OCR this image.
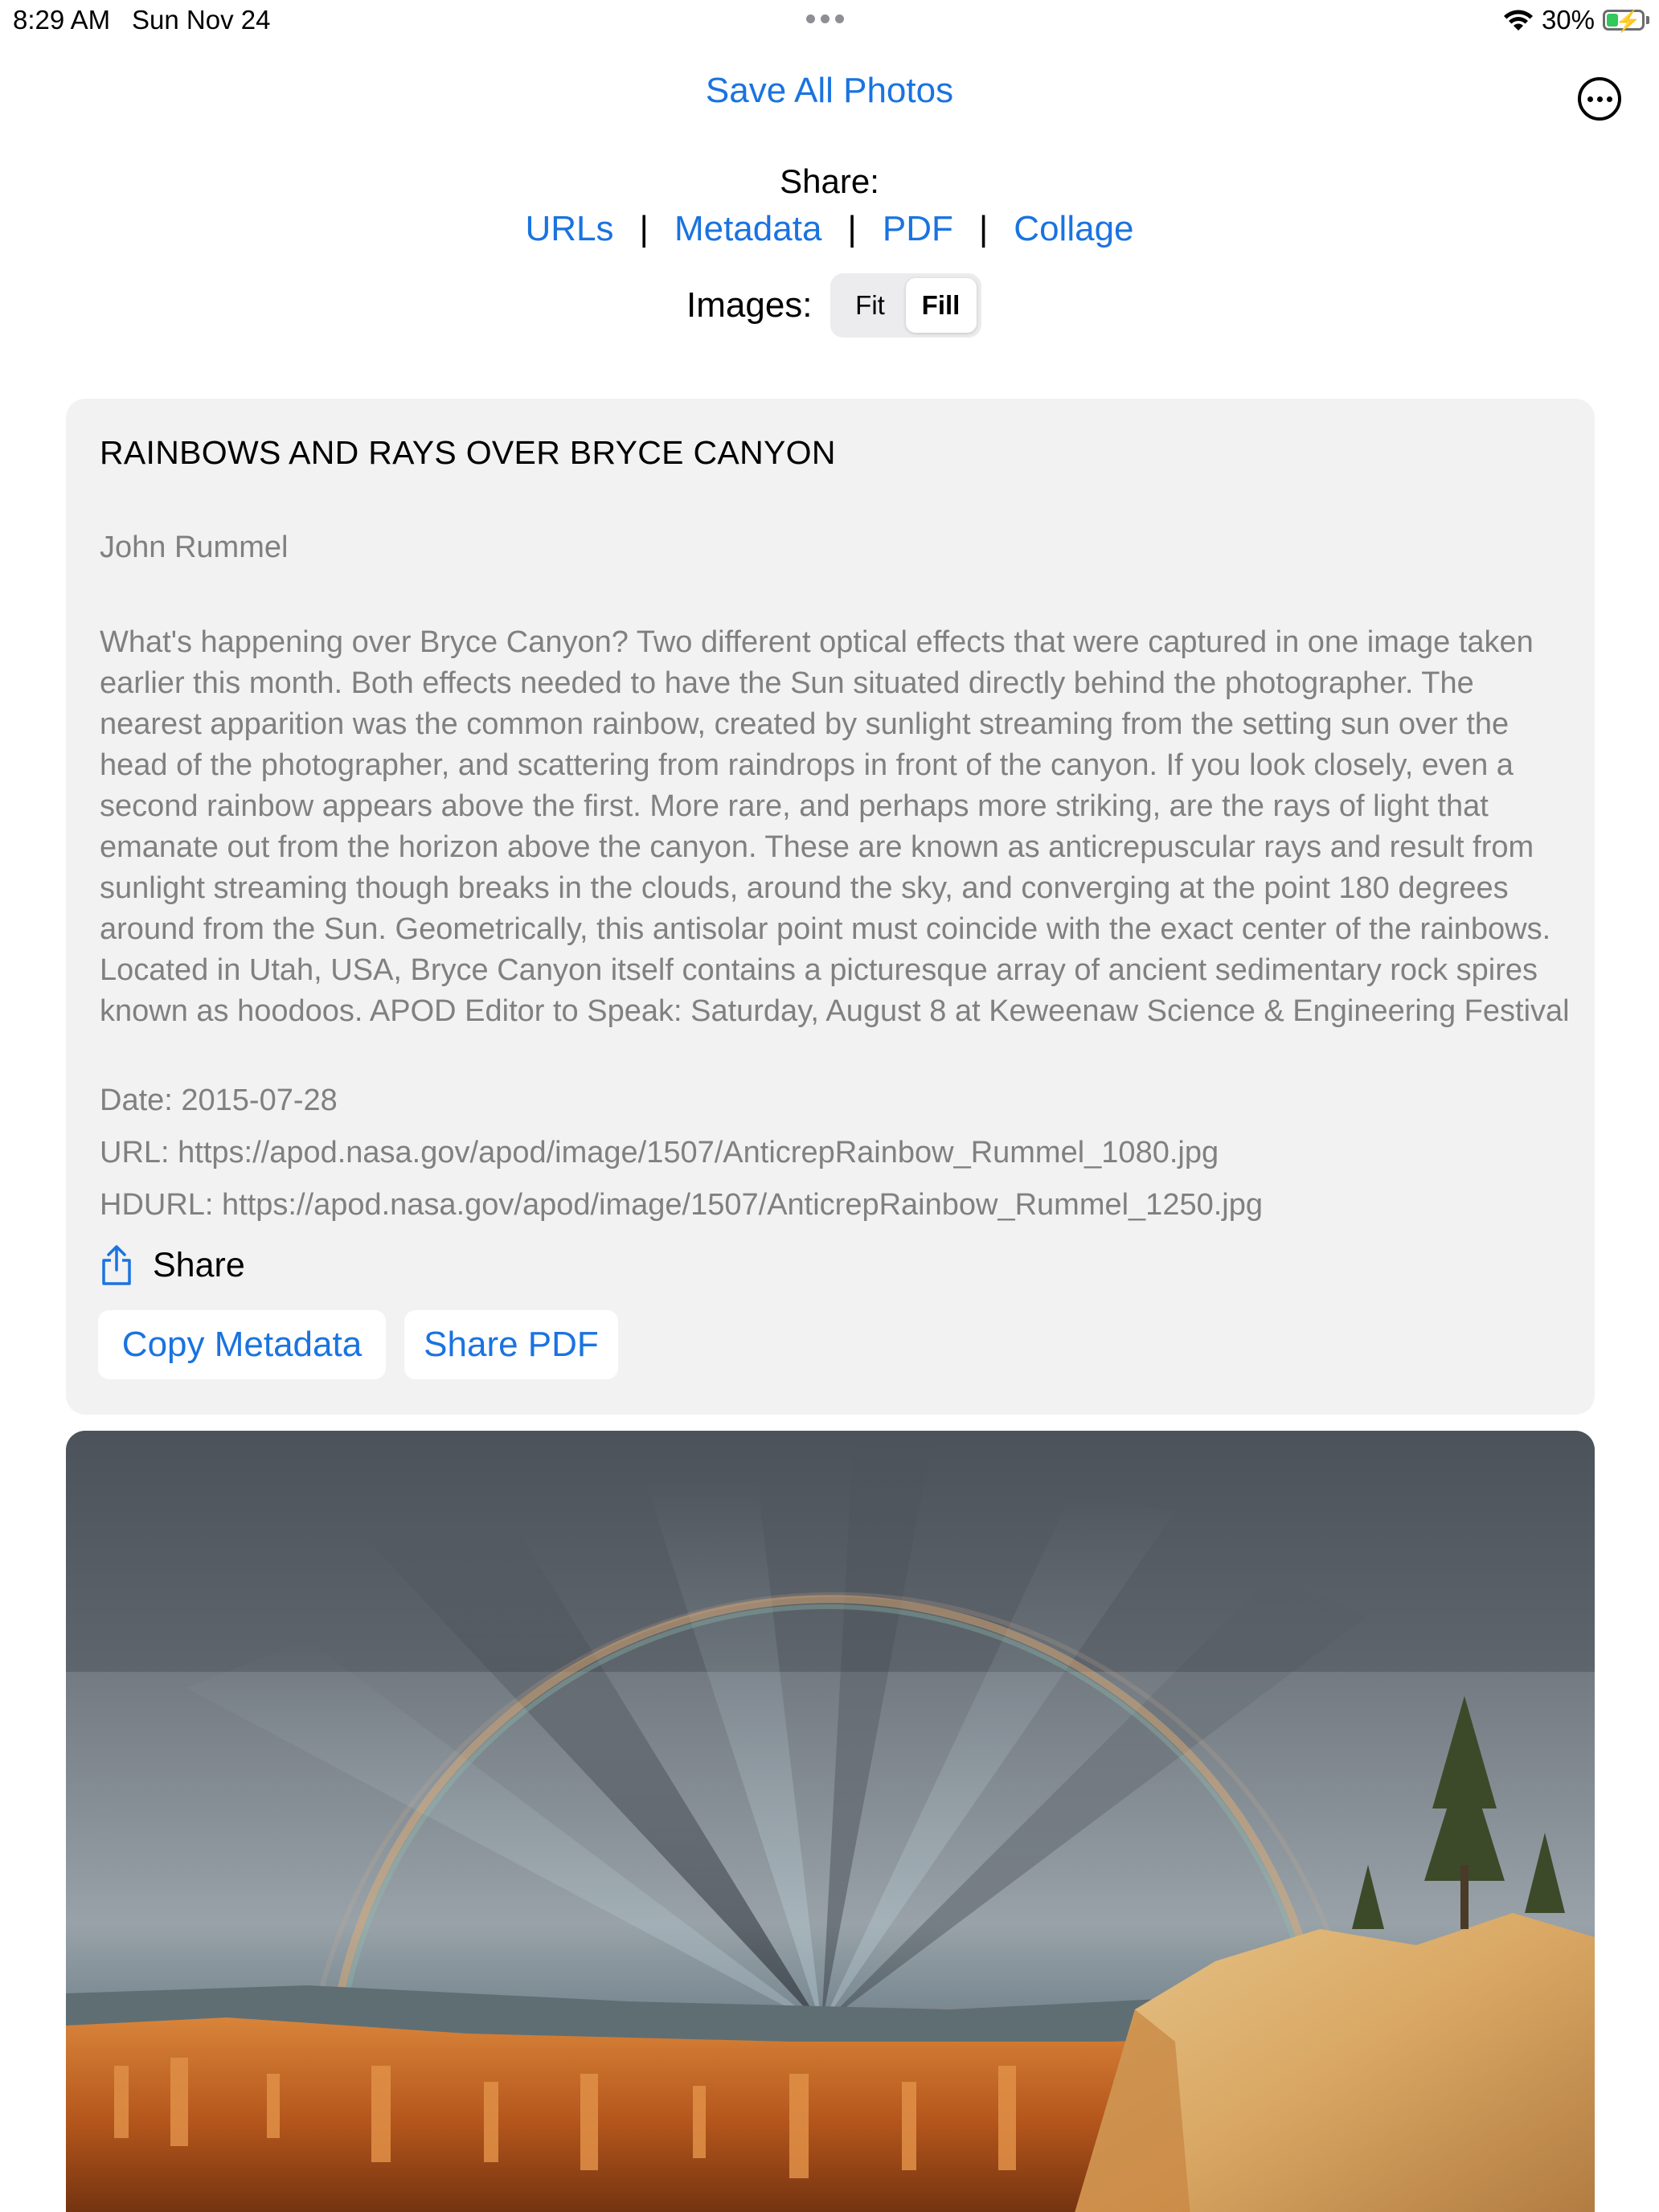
8:29 AM Sun Nov 24	30% ⚡
Save All Photos
Share:
URLs | Metadata | PDF | Collage
Images:	Fit	Fill
RAINBOWS AND RAYS OVER BRYCE CANYON
John Rummel
What's happening over Bryce Canyon? Two different optical effects that were captured in one image taken earlier this month. Both effects needed to have the Sun situated directly behind the photographer. The nearest apparition was the common rainbow, created by sunlight streaming from the setting sun over the head of the photographer, and scattering from raindrops in front of the canyon. If you look closely, even a second rainbow appears above the first. More rare, and perhaps more striking, are the rays of light that emanate out from the horizon above the canyon. These are known as anticrepuscular rays and result from sunlight streaming though breaks in the clouds, around the sky, and converging at the point 180 degrees around from the Sun. Geometrically, this antisolar point must coincide with the exact center of the rainbows. Located in Utah, USA, Bryce Canyon itself contains a picturesque array of ancient sedimentary rock spires known as hoodoos. APOD Editor to Speak: Saturday, August 8 at Keweenaw Science & Engineering Festival
Date: 2015-07-28
URL: https://apod.nasa.gov/apod/image/1507/AnticrepRainbow_Rummel_1080.jpg
HDURL: https://apod.nasa.gov/apod/image/1507/AnticrepRainbow_Rummel_1250.jpg
Share
Copy Metadata	Share PDF
